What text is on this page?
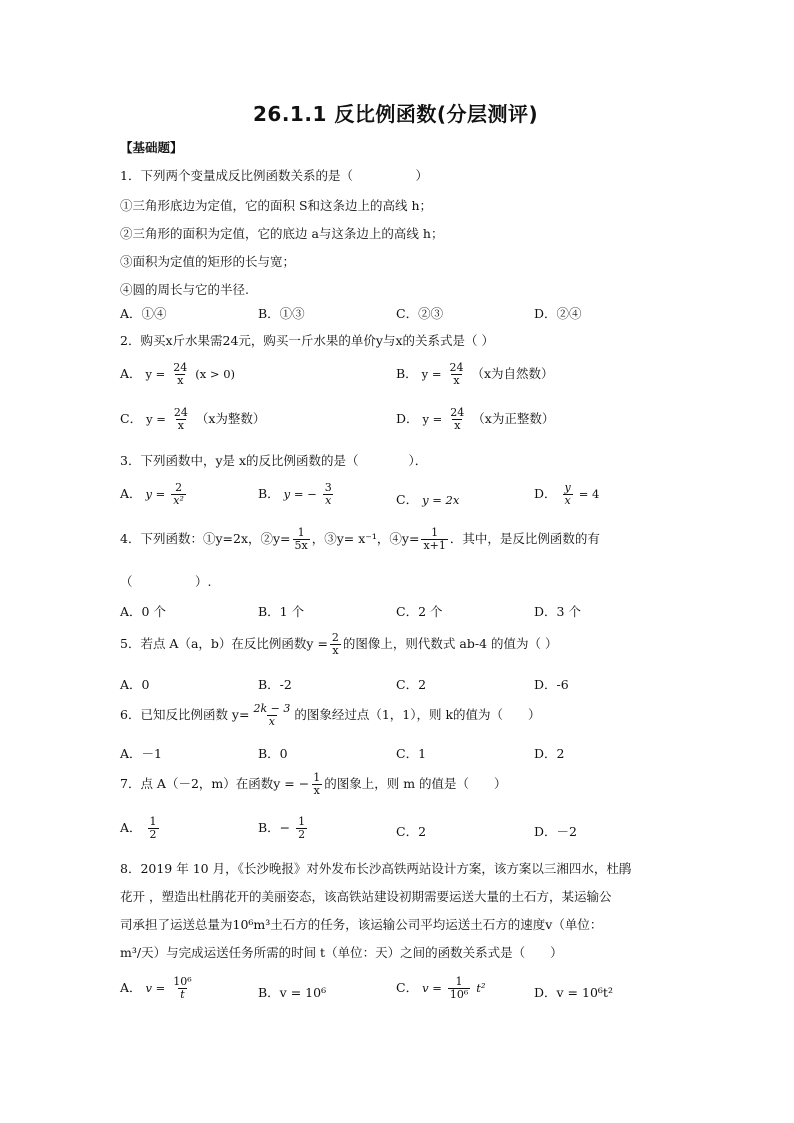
26.1.1 反比例函数(分层测评)
【基础题】
1．下列两个变量成反比例函数关系的是（　　　　　）
①三角形底边为定值，它的面积 S和这条边上的高线 h；
②三角形的面积为定值，它的底边 a与这条边上的高线 h；
③面积为定值的矩形的长与宽；
④圆的周长与它的半径.
A．①④	B．①③	C．②③	D．②④
2．购买x斤水果需24元，购买一斤水果的单价y与x的关系式是（ ）
A． $y = \frac{24}{x} (x > 0)$	B． $y = \frac{24}{x} (x$为自然数）
C． $y = \frac{24}{x} (x$为整数）	D． $y = \frac{24}{x} (x$为正整数）
3．下列函数中，y是 x的反比例函数的是（　　　　）．
A． $y = \frac{2}{\text{x²}}$	B． y = − $\frac{3}{x}$	C． y = 2x	D． $\frac{y}{x} = 4$
4．下列函数：①y=2x，②y= $\frac{1}{5x}$ ，③y= x⁻¹，④y= $\frac{1}{x+1}$ ．其中，是反比例函数的有
（　　　　　）.
A．0 个	B．1 个	C．2 个	D．3 个
5．若点 A（a，b）在反比例函数$y = \frac{2}{x}$ 的图像上，则代数式 ab-4 的值为（ ）
A．0	B．-2	C．2	D．-6
6．已知反比例函数 $y= \frac{2k - 3}{x}$ 的图象经过点（1，1），则 k的值为（　　）
A．－1	B．0	C．1	D．2
7．点 A（－2，m）在函数y = − $\frac{1}{x}$ 的图象上，则 m 的值是（　　）
A． $\frac{1}{2}$	B．− $\frac{1}{2}$	C．2	D．－2
8．2019 年 10 月，《长沙晚报》对外发布长沙高铁两站设计方案，该方案以三湘四水，杜鹃
花开 ，塑造出杜鹃花开的美丽姿态，该高铁站建设初期需要运送大量的土石方，某运输公
司承担了运送总量为10⁶m³土石方的任务，该运输公司平均运送土石方的速度v（单位：
m³/天）与完成运送任务所需的时间 t（单位：天）之间的函数关系式是（　　）
A． $v = \frac{\text{10⁶}}{t}$	B．v = 10⁶	C． $v = \frac{1}{\text{10⁶}} t^2$	D．v = 10⁶t²
